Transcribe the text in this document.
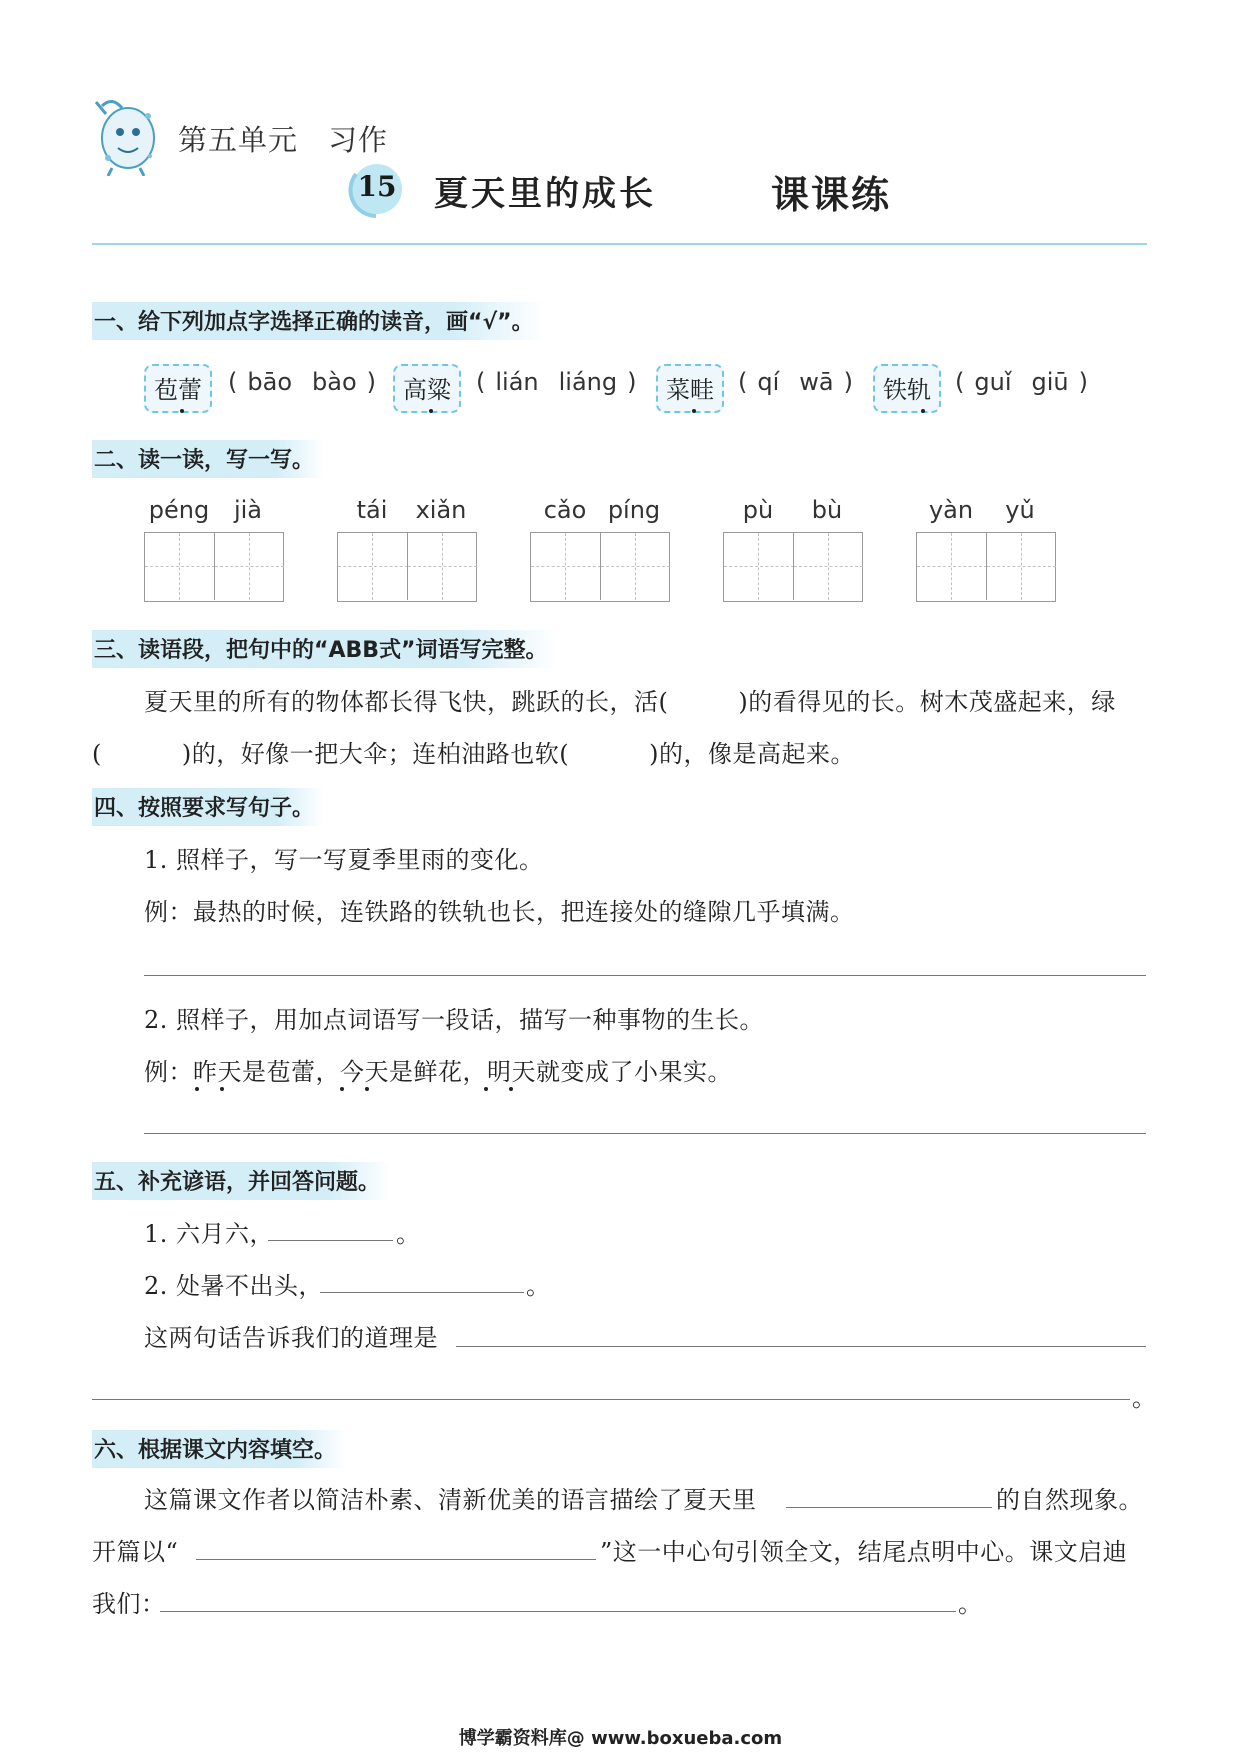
第五单元 习作
15 夏天里的成长	课课练
一、给下列加点字选择正确的读音，画“√”。
苞蕾	( bāo bào )	高粱	( lián liáng )	菜畦	( qí wā )	铁轨	( guǐ giū )
二、读一读，写一写。
péng	jià	tái	xiǎn	cǎo píng	pù	bù	yàn	yǔ
三、读语段，把句中的“ABB式”词语写完整。
夏天里的所有的物体都长得飞快，跳跃的长，活(	)的看得见的长。树木茂盛起来，绿
(	)的，好像一把大伞；连柏油路也软(	)的，像是高起来。
四、按照要求写句子。
1. 照样子，写一写夏季里雨的变化。
例：最热的时候，连铁路的铁轨也长，把连接处的缝隙几乎填满。
2. 照样子，用加点词语写一段话，描写一种事物的生长。
例：昨天是苞蕾，今天是鲜花，明天就变成了小果实。
五、补充谚语，并回答问题。
1. 六月六，	。
2. 处暑不出头，	。
这两句话告诉我们的道理是
。
六、根据课文内容填空。
这篇课文作者以简洁朴素、清新优美的语言描绘了夏天里	的自然现象。
开篇以“	”这一中心句引领全文，结尾点明中心。课文启迪
我们：	。
博学霸资料库@ www.boxueba.com
